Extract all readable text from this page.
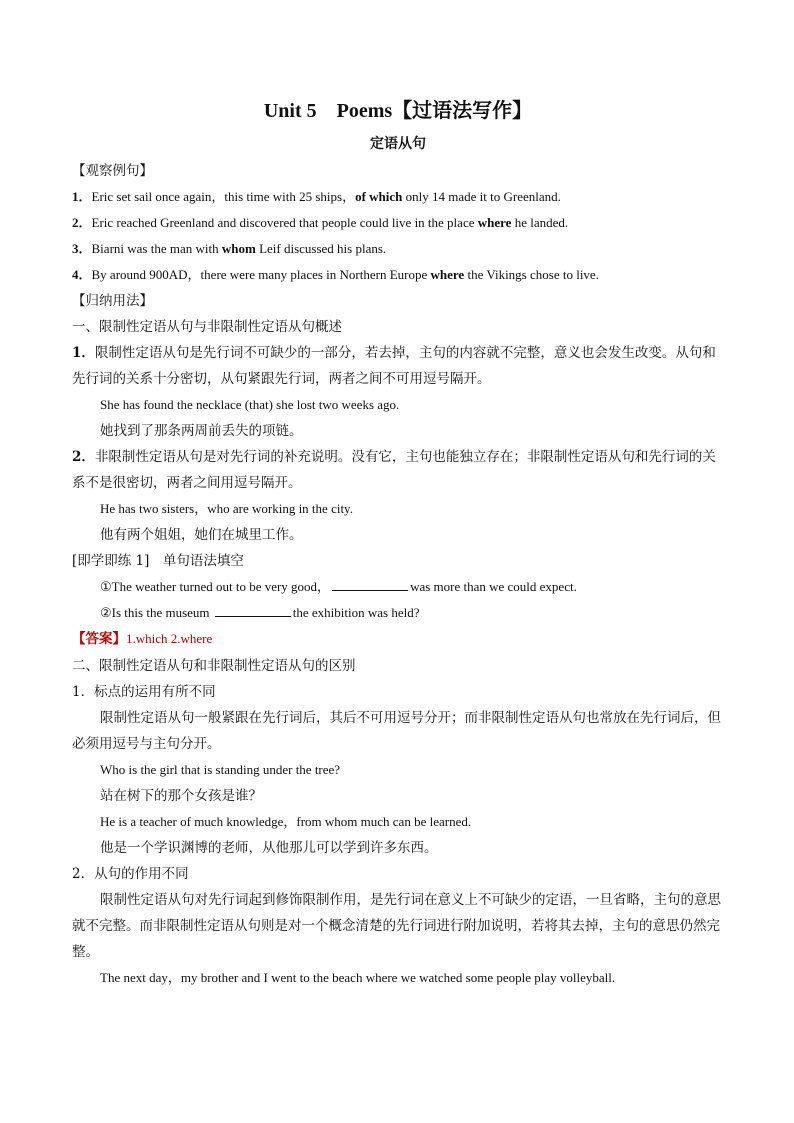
Unit 5　Poems【过语法写作】
定语从句
【观察例句】
1．Eric set sail once again，this time with 25 ships，of which only 14 made it to Greenland.
2．Eric reached Greenland and discovered that people could live in the place where he landed.
3．Biarni was the man with whom Leif discussed his plans.
4．By around 900AD，there were many places in Northern Europe where the Vikings chose to live.
【归纳用法】
一、限制性定语从句与非限制性定语从句概述
1．限制性定语从句是先行词不可缺少的一部分，若去掉，主句的内容就不完整，意义也会发生改变。从句和先行词的关系十分密切，从句紧跟先行词，两者之间不可用逗号隔开。
She has found the necklace (that) she lost two weeks ago.
她找到了那条两周前丢失的项链。
2．非限制性定语从句是对先行词的补充说明。没有它，主句也能独立存在；非限制性定语从句和先行词的关系不是很密切，两者之间用逗号隔开。
He has two sisters，who are working in the city.
他有两个姐姐，她们在城里工作。
[即学即练 1]　单句语法填空
①The weather turned out to be very good，	was more than we could expect.
②Is this the museum	the exhibition was held?
【答案】1.which 2.where
二、限制性定语从句和非限制性定语从句的区别
1．标点的运用有所不同
限制性定语从句一般紧跟在先行词后，其后不可用逗号分开；而非限制性定语从句也常放在先行词后，但必须用逗号与主句分开。
Who is the girl that is standing under the tree?
站在树下的那个女孩是谁？
He is a teacher of much knowledge，from whom much can be learned.
他是一个学识渊博的老师，从他那儿可以学到许多东西。
2．从句的作用不同
限制性定语从句对先行词起到修饰限制作用，是先行词在意义上不可缺少的定语，一旦省略，主句的意思就不完整。而非限制性定语从句则是对一个概念清楚的先行词进行附加说明，若将其去掉，主句的意思仍然完整。
The next day，my brother and I went to the beach where we watched some people play volleyball.
